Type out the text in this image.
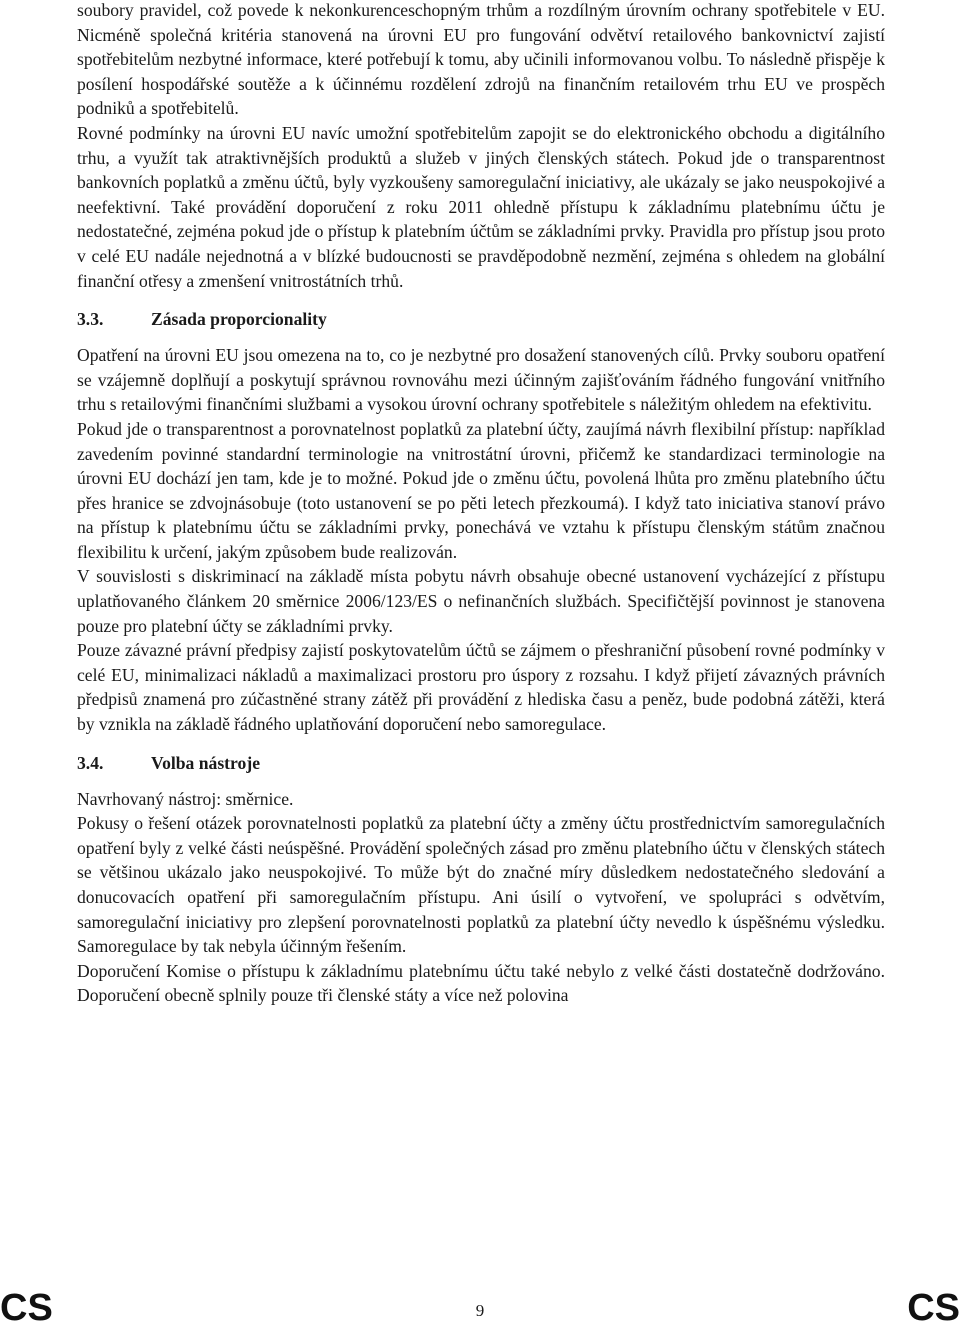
soubory pravidel, což povede k nekonkurenceschopným trhům a rozdílným úrovním ochrany spotřebitele v EU. Nicméně společná kritéria stanovená na úrovni EU pro fungování odvětví retailového bankovnictví zajistí spotřebitelům nezbytné informace, které potřebují k tomu, aby učinili informovanou volbu. To následně přispěje k posílení hospodářské soutěže a k účinnému rozdělení zdrojů na finančním retailovém trhu EU ve prospěch podniků a spotřebitelů.

Rovné podmínky na úrovni EU navíc umožní spotřebitelům zapojit se do elektronického obchodu a digitálního trhu, a využít tak atraktivnějších produktů a služeb v jiných členských státech. Pokud jde o transparentnost bankovních poplatků a změnu účtů, byly vyzkoušeny samoregulační iniciativy, ale ukázaly se jako neuspokojivé a neefektivní. Také provádění doporučení z roku 2011 ohledně přístupu k základnímu platebnímu účtu je nedostatečné, zejména pokud jde o přístup k platebním účtům se základními prvky. Pravidla pro přístup jsou proto v celé EU nadále nejednotná a v blízké budoucnosti se pravděpodobně nezmění, zejména s ohledem na globální finanční otřesy a zmenšení vnitrostátních trhů.

3.3.	Zásada proporcionality

Opatření na úrovni EU jsou omezena na to, co je nezbytné pro dosažení stanovených cílů. Prvky souboru opatření se vzájemně doplňují a poskytují správnou rovnováhu mezi účinným zajišťováním řádného fungování vnitřního trhu s retailovými finančními službami a vysokou úrovní ochrany spotřebitele s náležitým ohledem na efektivitu.

Pokud jde o transparentnost a porovnatelnost poplatků za platební účty, zaujímá návrh flexibilní přístup: například zavedením povinné standardní terminologie na vnitrostátní úrovni, přičemž ke standardizaci terminologie na úrovni EU dochází jen tam, kde je to možné. Pokud jde o změnu účtu, povolená lhůta pro změnu platebního účtu přes hranice se zdvojnásobuje (toto ustanovení se po pěti letech přezkoumá). I když tato iniciativa stanoví právo na přístup k platebnímu účtu se základními prvky, ponechává ve vztahu k přístupu členským státům značnou flexibilitu k určení, jakým způsobem bude realizován.

V souvislosti s diskriminací na základě místa pobytu návrh obsahuje obecné ustanovení vycházející z přístupu uplatňovaného článkem 20 směrnice 2006/123/ES o nefinančních službách. Specifičtější povinnost je stanovena pouze pro platební účty se základními prvky.

Pouze závazné právní předpisy zajistí poskytovatelům účtů se zájmem o přeshraniční působení rovné podmínky v celé EU, minimalizaci nákladů a maximalizaci prostoru pro úspory z rozsahu. I když přijetí závazných právních předpisů znamená pro zúčastněné strany zátěž při provádění z hlediska času a peněz, bude podobná zátěži, která by vznikla na základě řádného uplatňování doporučení nebo samoregulace.

3.4.	Volba nástroje

Navrhovaný nástroj: směrnice.

Pokusy o řešení otázek porovnatelnosti poplatků za platební účty a změny účtu prostřednictvím samoregulačních opatření byly z velké části neúspěšné. Provádění společných zásad pro změnu platebního účtu v členských státech se většinou ukázalo jako neuspokojivé. To může být do značné míry důsledkem nedostatečného sledování a donucovacích opatření při samoregulačním přístupu. Ani úsilí o vytvoření, ve spolupráci s odvětvím, samoregulační iniciativy pro zlepšení porovnatelnosti poplatků za platební účty nevedlo k úspěšnému výsledku. Samoregulace by tak nebyla účinným řešením.

Doporučení Komise o přístupu k základnímu platebnímu účtu také nebylo z velké části dostatečně dodržováno. Doporučení obecně splnily pouze tři členské státy a více než polovina

CS	9	CS
